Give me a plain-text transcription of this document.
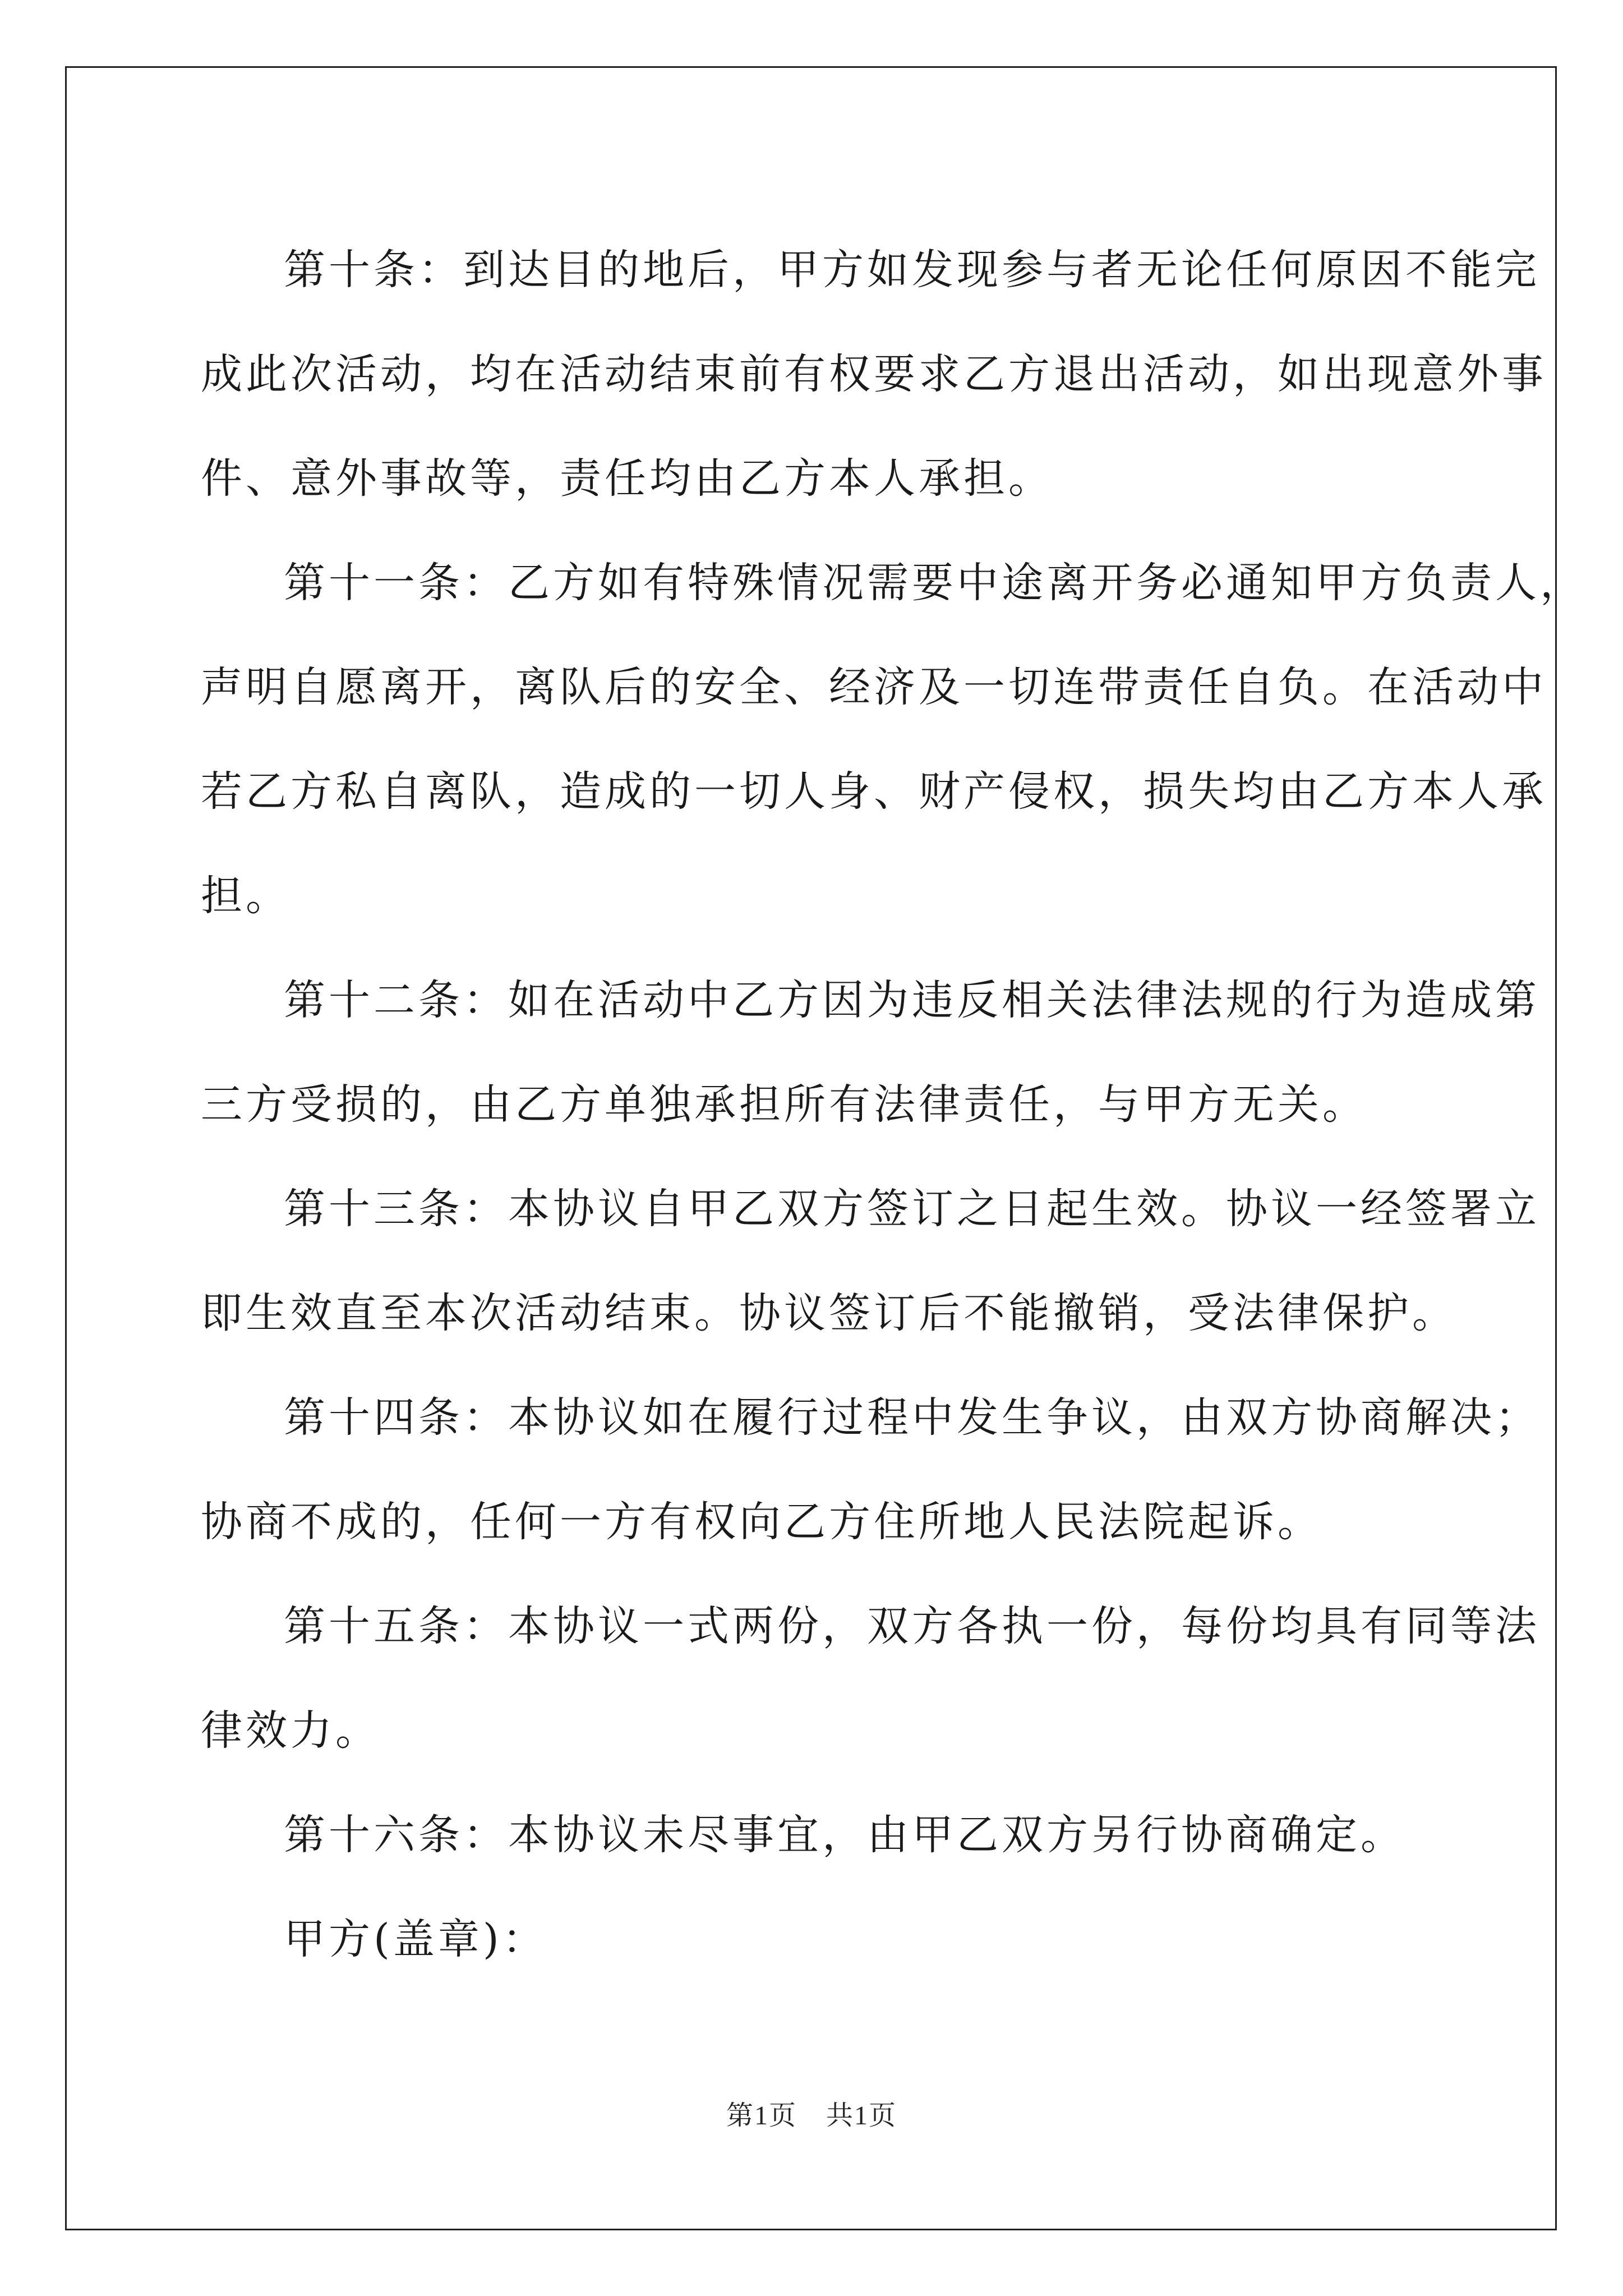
第十条：到达目的地后，甲方如发现参与者无论任何原因不能完
成此次活动，均在活动结束前有权要求乙方退出活动，如出现意外事
件、意外事故等，责任均由乙方本人承担。

第十一条：乙方如有特殊情况需要中途离开务必通知甲方负责人，
声明自愿离开，离队后的安全、经济及一切连带责任自负。在活动中
若乙方私自离队，造成的一切人身、财产侵权，损失均由乙方本人承
担。

第十二条：如在活动中乙方因为违反相关法律法规的行为造成第
三方受损的，由乙方单独承担所有法律责任，与甲方无关。

第十三条：本协议自甲乙双方签订之日起生效。协议一经签署立
即生效直至本次活动结束。协议签订后不能撤销，受法律保护。

第十四条：本协议如在履行过程中发生争议，由双方协商解决；
协商不成的，任何一方有权向乙方住所地人民法院起诉。

第十五条：本协议一式两份，双方各执一份，每份均具有同等法
律效力。

第十六条：本协议未尽事宜，由甲乙双方另行协商确定。

甲方(盖章)：

第1页 共1页
